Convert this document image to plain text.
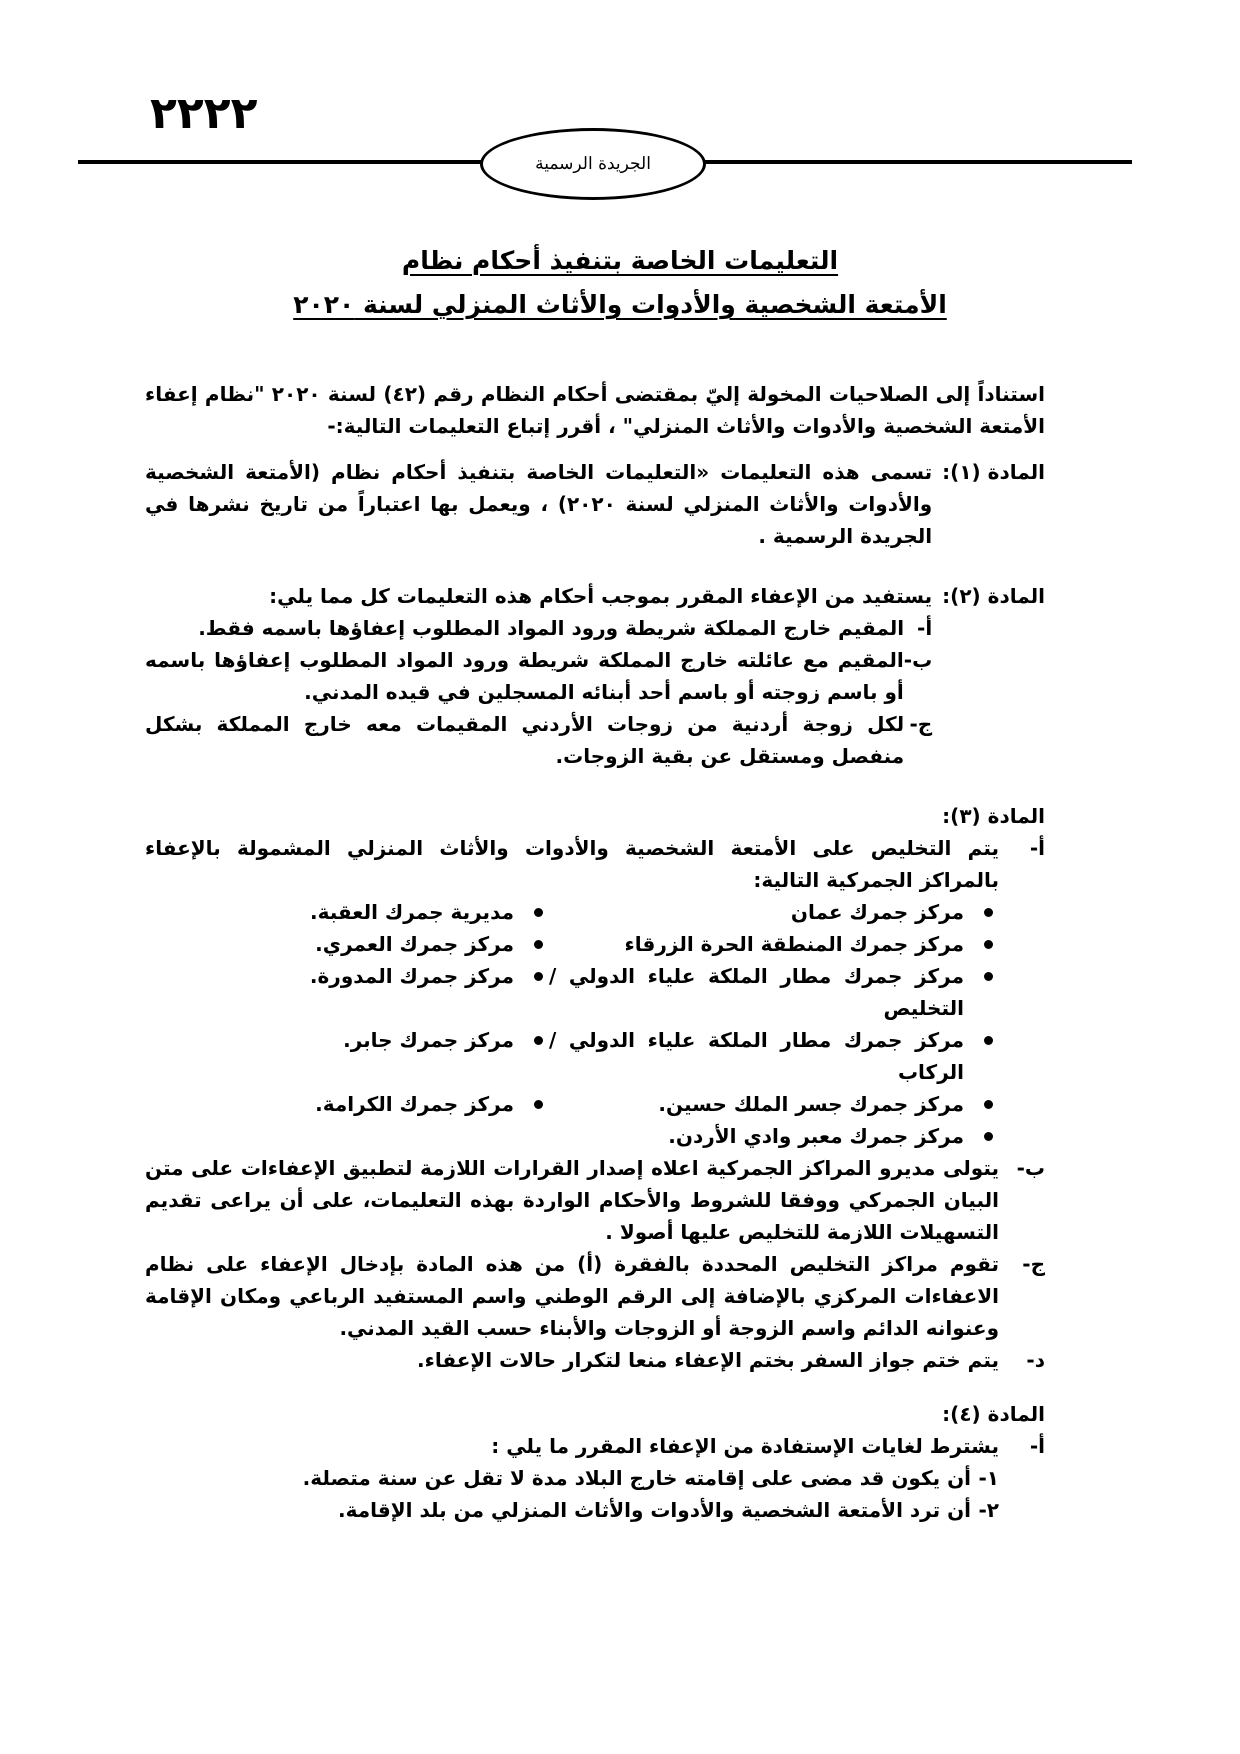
٢٢٢٢
الجريدة الرسمية
التعليمات الخاصة بتنفيذ أحكام نظام
الأمتعة الشخصية والأدوات والأثاث المنزلي لسنة ٢٠٢٠

استناداً إلى الصلاحيات المخولة إليّ بمقتضى أحكام النظام رقم (٤٢) لسنة ٢٠٢٠ "نظام إعفاء الأمتعة الشخصية والأدوات والأثاث المنزلي" ، أقرر إتباع التعليمات التالية:-

المادة (١):
تسمى هذه التعليمات «التعليمات الخاصة بتنفيذ أحكام نظام (الأمتعة الشخصية والأدوات والأثاث المنزلي لسنة ٢٠٢٠) ، ويعمل بها اعتباراً من تاريخ نشرها في الجريدة الرسمية .
المادة (٢):
يستفيد من الإعفاء المقرر بموجب أحكام هذه التعليمات كل مما يلي:
أ-
المقيم خارج المملكة شريطة ورود المواد المطلوب إعفاؤها باسمه فقط.
ب-
المقيم مع عائلته خارج المملكة شريطة ورود المواد المطلوب إعفاؤها باسمه أو باسم زوجته أو باسم أحد أبنائه المسجلين في قيده المدني.
ج-
لكل زوجة أردنية من زوجات الأردني المقيمات معه خارج المملكة بشكل منفصل ومستقل عن بقية الزوجات.
المادة (٣):
أ-
يتم التخليص على الأمتعة الشخصية والأدوات والأثاث المنزلي المشمولة بالإعفاء بالمراكز الجمركية التالية:
مركز جمرك عمان
مديرية جمرك العقبة.
مركز جمرك المنطقة الحرة الزرقاء
مركز جمرك العمري.
مركز جمرك مطار الملكة علياء الدولي / التخليص
مركز جمرك المدورة.
مركز جمرك مطار الملكة علياء الدولي / الركاب
مركز جمرك جابر.
مركز جمرك جسر الملك حسين.
مركز جمرك الكرامة.
مركز جمرك معبر وادي الأردن.
ب-
يتولى مديرو المراكز الجمركية اعلاه إصدار القرارات اللازمة لتطبيق الإعفاءات على متن البيان الجمركي ووفقا للشروط والأحكام الواردة بهذه التعليمات، على أن يراعى تقديم التسهيلات اللازمة للتخليص عليها أصولا .
ج-
تقوم مراكز التخليص المحددة بالفقرة (أ) من هذه المادة بإدخال الإعفاء على نظام الاعفاءات المركزي بالإضافة إلى الرقم الوطني واسم المستفيد الرباعي ومكان الإقامة وعنوانه الدائم واسم الزوجة أو الزوجات والأبناء حسب القيد المدني.
د-
يتم ختم جواز السفر بختم الإعفاء منعا لتكرار حالات الإعفاء.
المادة (٤):
أ-
يشترط لغايات الإستفادة من الإعفاء المقرر ما يلي :
١-
أن يكون قد مضى على إقامته خارج البلاد مدة لا تقل عن سنة متصلة.
٢-
أن ترد الأمتعة الشخصية والأدوات والأثاث المنزلي من بلد الإقامة.
